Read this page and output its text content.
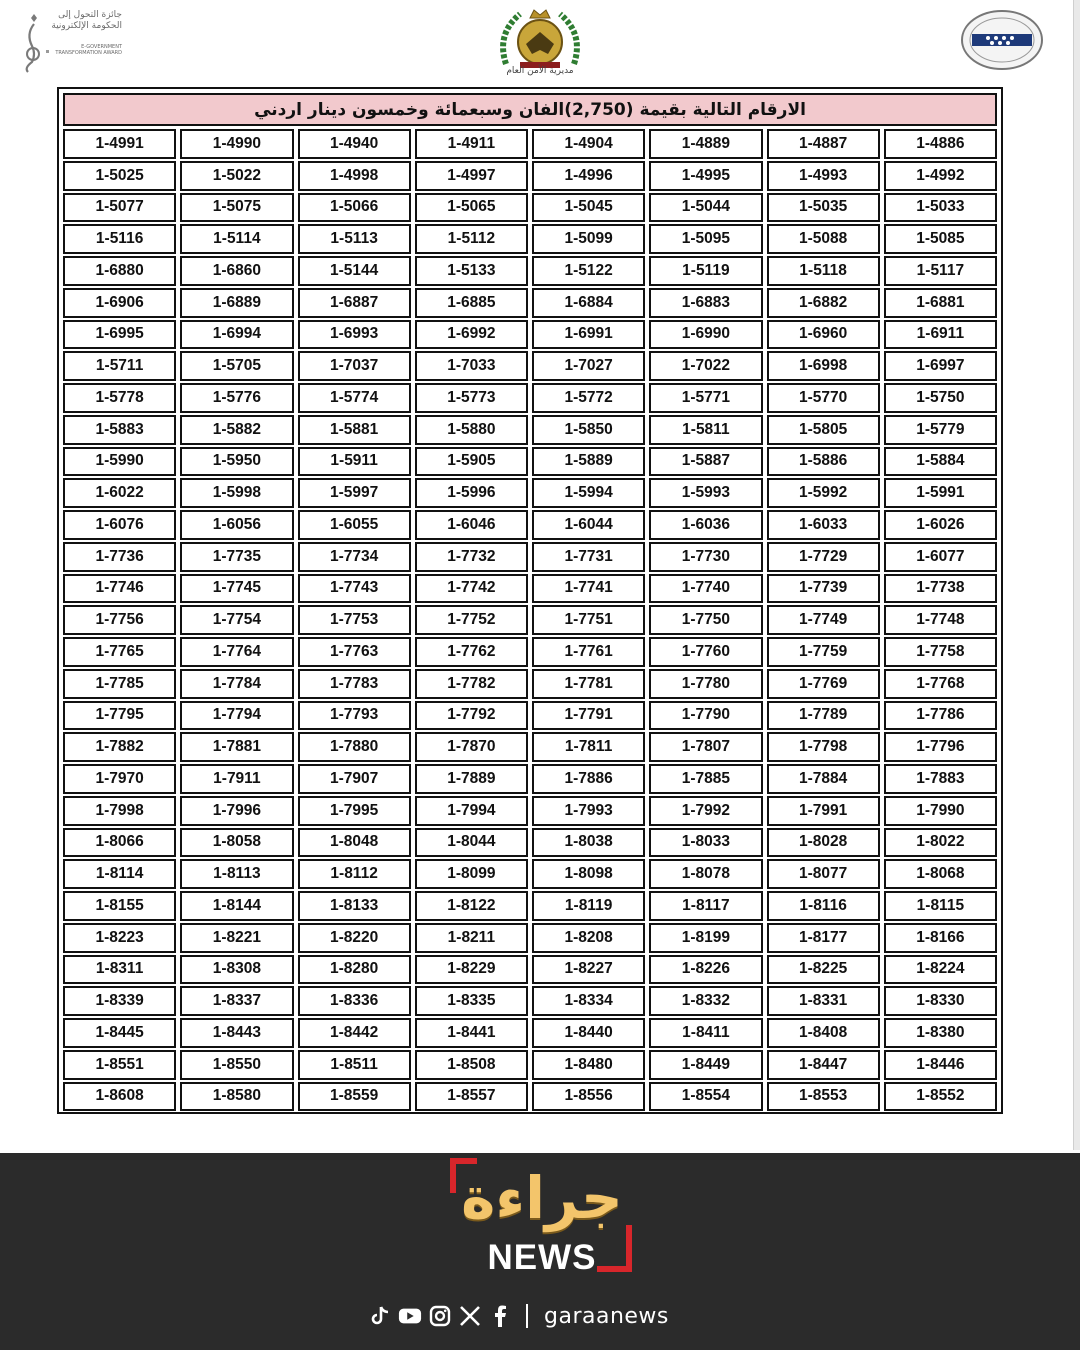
جائزة التحول إلى الحكومة الإلكترونية
E-GOVERNMENT TRANSFORMATION AWARD
مديرية الأمن العام
الارقام التالية بقيمة (2,750)الفان وسبعمائة وخمسون دينار اردني
1-4991	1-4990	1-4940	1-4911	1-4904	1-4889	1-4887	1-4886
1-5025	1-5022	1-4998	1-4997	1-4996	1-4995	1-4993	1-4992
1-5077	1-5075	1-5066	1-5065	1-5045	1-5044	1-5035	1-5033
1-5116	1-5114	1-5113	1-5112	1-5099	1-5095	1-5088	1-5085
1-6880	1-6860	1-5144	1-5133	1-5122	1-5119	1-5118	1-5117
1-6906	1-6889	1-6887	1-6885	1-6884	1-6883	1-6882	1-6881
1-6995	1-6994	1-6993	1-6992	1-6991	1-6990	1-6960	1-6911
1-5711	1-5705	1-7037	1-7033	1-7027	1-7022	1-6998	1-6997
1-5778	1-5776	1-5774	1-5773	1-5772	1-5771	1-5770	1-5750
1-5883	1-5882	1-5881	1-5880	1-5850	1-5811	1-5805	1-5779
1-5990	1-5950	1-5911	1-5905	1-5889	1-5887	1-5886	1-5884
1-6022	1-5998	1-5997	1-5996	1-5994	1-5993	1-5992	1-5991
1-6076	1-6056	1-6055	1-6046	1-6044	1-6036	1-6033	1-6026
1-7736	1-7735	1-7734	1-7732	1-7731	1-7730	1-7729	1-6077
1-7746	1-7745	1-7743	1-7742	1-7741	1-7740	1-7739	1-7738
1-7756	1-7754	1-7753	1-7752	1-7751	1-7750	1-7749	1-7748
1-7765	1-7764	1-7763	1-7762	1-7761	1-7760	1-7759	1-7758
1-7785	1-7784	1-7783	1-7782	1-7781	1-7780	1-7769	1-7768
1-7795	1-7794	1-7793	1-7792	1-7791	1-7790	1-7789	1-7786
1-7882	1-7881	1-7880	1-7870	1-7811	1-7807	1-7798	1-7796
1-7970	1-7911	1-7907	1-7889	1-7886	1-7885	1-7884	1-7883
1-7998	1-7996	1-7995	1-7994	1-7993	1-7992	1-7991	1-7990
1-8066	1-8058	1-8048	1-8044	1-8038	1-8033	1-8028	1-8022
1-8114	1-8113	1-8112	1-8099	1-8098	1-8078	1-8077	1-8068
1-8155	1-8144	1-8133	1-8122	1-8119	1-8117	1-8116	1-8115
1-8223	1-8221	1-8220	1-8211	1-8208	1-8199	1-8177	1-8166
1-8311	1-8308	1-8280	1-8229	1-8227	1-8226	1-8225	1-8224
1-8339	1-8337	1-8336	1-8335	1-8334	1-8332	1-8331	1-8330
1-8445	1-8443	1-8442	1-8441	1-8440	1-8411	1-8408	1-8380
1-8551	1-8550	1-8511	1-8508	1-8480	1-8449	1-8447	1-8446
1-8608	1-8580	1-8559	1-8557	1-8556	1-8554	1-8553	1-8552
جراءة
NEWS
garaanews
